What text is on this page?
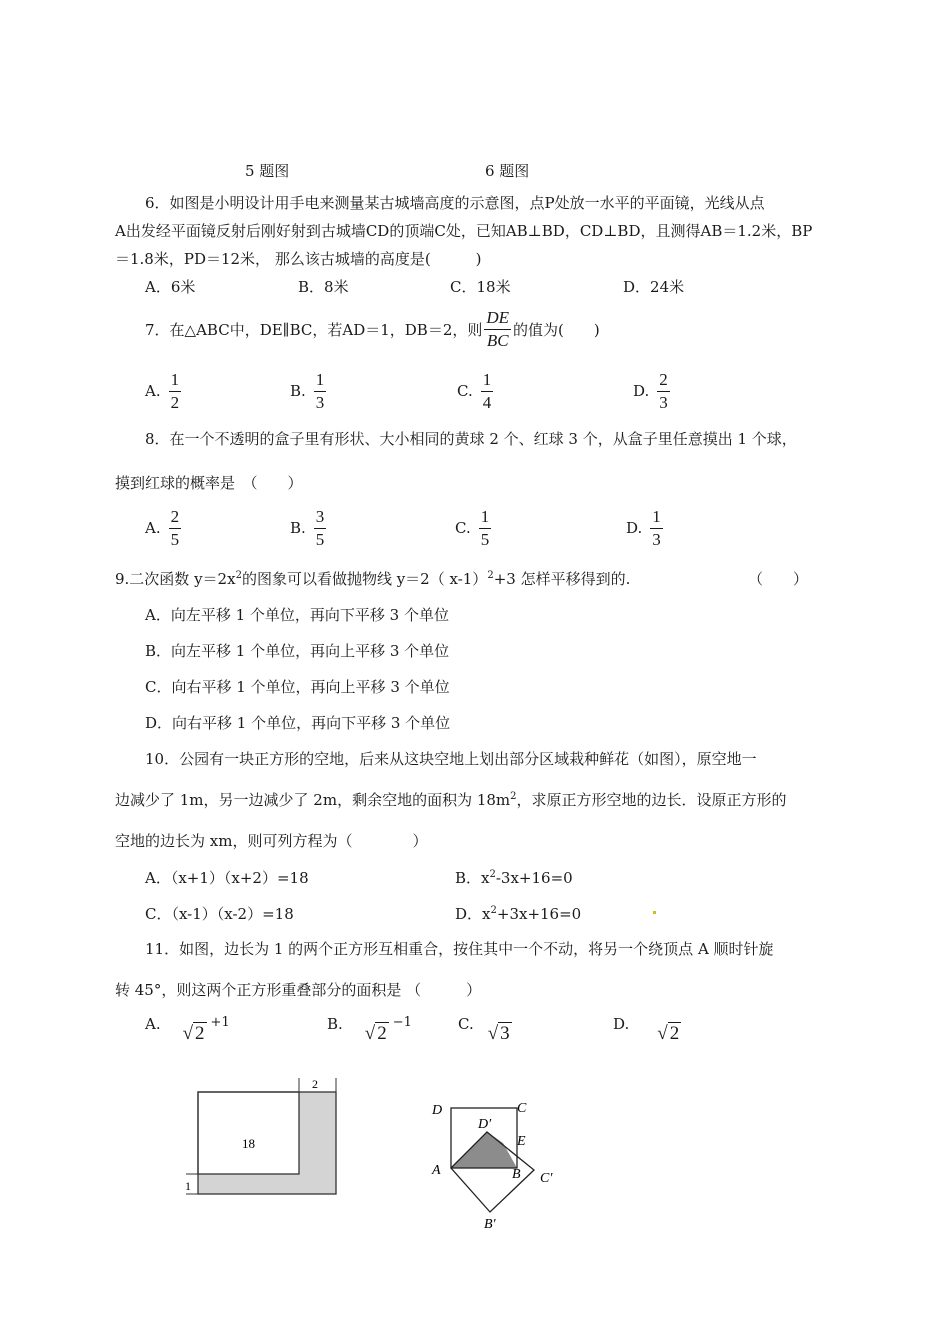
5 题图	6 题图
6．如图是小明设计用手电来测量某古城墙高度的示意图，点P处放一水平的平面镜，光线从点
A出发经平面镜反射后刚好射到古城墙CD的顶端C处，已知AB⊥BD，CD⊥BD，且测得AB＝1.2米，BP
＝1.8米，PD＝12米， 那么该古城墙的高度是(　　　)
A．6米	B．8米	C．18米	D．24米
7．在△ABC中，DE∥BC，若AD＝1，DB＝2，则 $\frac{DE}{BC}$ 的值为(　　)
A. $\frac{1}{2}$	B. $\frac{1}{3}$	C. $\frac{1}{4}$	D. $\frac{2}{3}$
8．在一个不透明的盒子里有形状、大小相同的黄球 2 个、红球 3 个，从盒子里任意摸出 1 个球，
摸到红球的概率是　（　　）
A. $\frac{2}{5}$	B. $\frac{3}{5}$	C. $\frac{1}{5}$	D. $\frac{1}{3}$
9.二次函数 $y=2x^2$的图象可以看做抛物线 y＝2（ x-1）$^2$+3 怎样平移得到的.	（　　）
A．向左平移 1 个单位，再向下平移 3 个单位
B．向左平移 1 个单位，再向上平移 3 个单位
C．向右平移 1 个单位，再向上平移 3 个单位
D．向右平移 1 个单位，再向下平移 3 个单位
10．公园有一块正方形的空地，后来从这块空地上划出部分区域栽种鲜花（如图），原空地一
边减少了 1m，另一边减少了 2m，剩余空地的面积为 $18m^2$，求原正方形空地的边长．设原正方形的
空地的边长为 xm，则可列方程为（　　　　）
A．（x+1）（x+2）=18	B．$x^2-3x+16=0$
C．（x-1）（x-2）=18	D．$x^2+3x+16=0$
11．如图，边长为 1 的两个正方形互相重合，按住其中一个不动，将另一个绕顶点 A 顺时针旋
转 45°，则这两个正方形重叠部分的面积是 （　　　）
A. √ 2
+1	B. √ 2
−1	C. √ 3	D. √ 2
18
2
1
D	C
D′
E
A	B C′
B′
